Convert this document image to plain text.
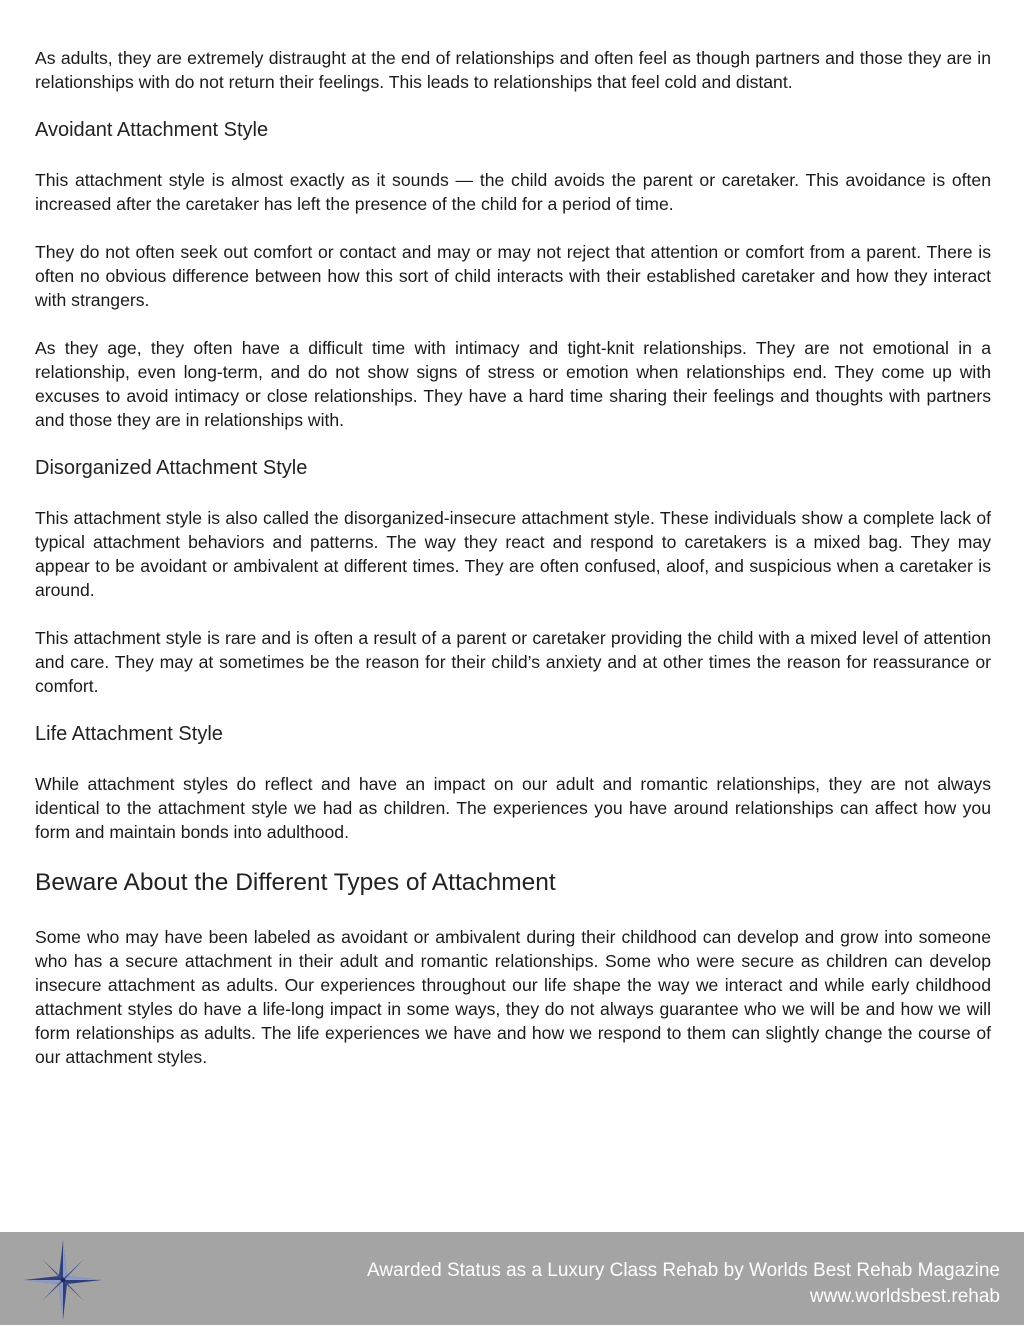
As adults, they are extremely distraught at the end of relationships and often feel as though partners and those they are in relationships with do not return their feelings. This leads to relationships that feel cold and distant.

Avoidant Attachment Style

This attachment style is almost exactly as it sounds — the child avoids the parent or caretaker. This avoidance is often increased after the caretaker has left the presence of the child for a period of time.

They do not often seek out comfort or contact and may or may not reject that attention or comfort from a parent. There is often no obvious difference between how this sort of child interacts with their established caretaker and how they interact with strangers.

As they age, they often have a difficult time with intimacy and tight-knit relationships. They are not emotional in a relationship, even long-term, and do not show signs of stress or emotion when relationships end. They come up with excuses to avoid intimacy or close relationships. They have a hard time sharing their feelings and thoughts with partners and those they are in relationships with.

Disorganized Attachment Style

This attachment style is also called the disorganized-insecure attachment style. These individuals show a complete lack of typical attachment behaviors and patterns. The way they react and respond to caretakers is a mixed bag. They may appear to be avoidant or ambivalent at different times. They are often confused, aloof, and suspicious when a caretaker is around.

This attachment style is rare and is often a result of a parent or caretaker providing the child with a mixed level of attention and care. They may at sometimes be the reason for their child’s anxiety and at other times the reason for reassurance or comfort.

Life Attachment Style

While attachment styles do reflect and have an impact on our adult and romantic relationships, they are not always identical to the attachment style we had as children. The experiences you have around relationships can affect how you form and maintain bonds into adulthood.

Beware About the Different Types of Attachment

Some who may have been labeled as avoidant or ambivalent during their childhood can develop and grow into someone who has a secure attachment in their adult and romantic relationships. Some who were secure as children can develop insecure attachment as adults. Our experiences throughout our life shape the way we interact and while early childhood attachment styles do have a life-long impact in some ways, they do not always guarantee who we will be and how we will form relationships as adults. The life experiences we have and how we respond to them can slightly change the course of our attachment styles.

Awarded Status as a Luxury Class Rehab by Worlds Best Rehab Magazine
www.worldsbest.rehab
